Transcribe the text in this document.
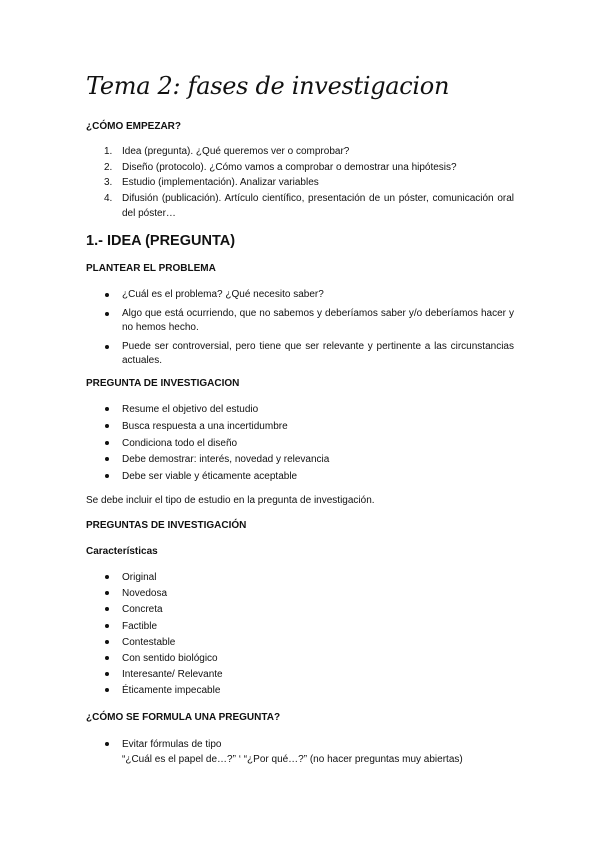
Tema 2: fases de investigacion
¿CÓMO EMPEZAR?
1. Idea (pregunta). ¿Qué queremos ver o comprobar?
2. Diseño (protocolo). ¿Cómo vamos a comprobar o demostrar una hipótesis?
3. Estudio (implementación). Analizar variables
4. Difusión (publicación). Artículo científico, presentación de un póster, comunicación oral del póster…
1.- IDEA (PREGUNTA)
PLANTEAR EL PROBLEMA
¿Cuál es el problema? ¿Qué necesito saber?
Algo que está ocurriendo, que no sabemos y deberíamos saber y/o deberíamos hacer y no hemos hecho.
Puede ser controversial, pero tiene que ser relevante y pertinente a las circunstancias actuales.
PREGUNTA DE INVESTIGACION
Resume el objetivo del estudio
Busca respuesta a una incertidumbre
Condiciona todo el diseño
Debe demostrar: interés, novedad y relevancia
Debe ser viable y éticamente aceptable
Se debe incluir el tipo de estudio en la pregunta de investigación.
PREGUNTAS DE INVESTIGACIÓN
Características
Original
Novedosa
Concreta
Factible
Contestable
Con sentido biológico
Interesante/ Relevante
Éticamente impecable
¿CÓMO SE FORMULA UNA PREGUNTA?
Evitar fórmulas de tipo
“¿Cuál es el papel de…?” ‘ “¿Por qué…?” (no hacer preguntas muy abiertas)
